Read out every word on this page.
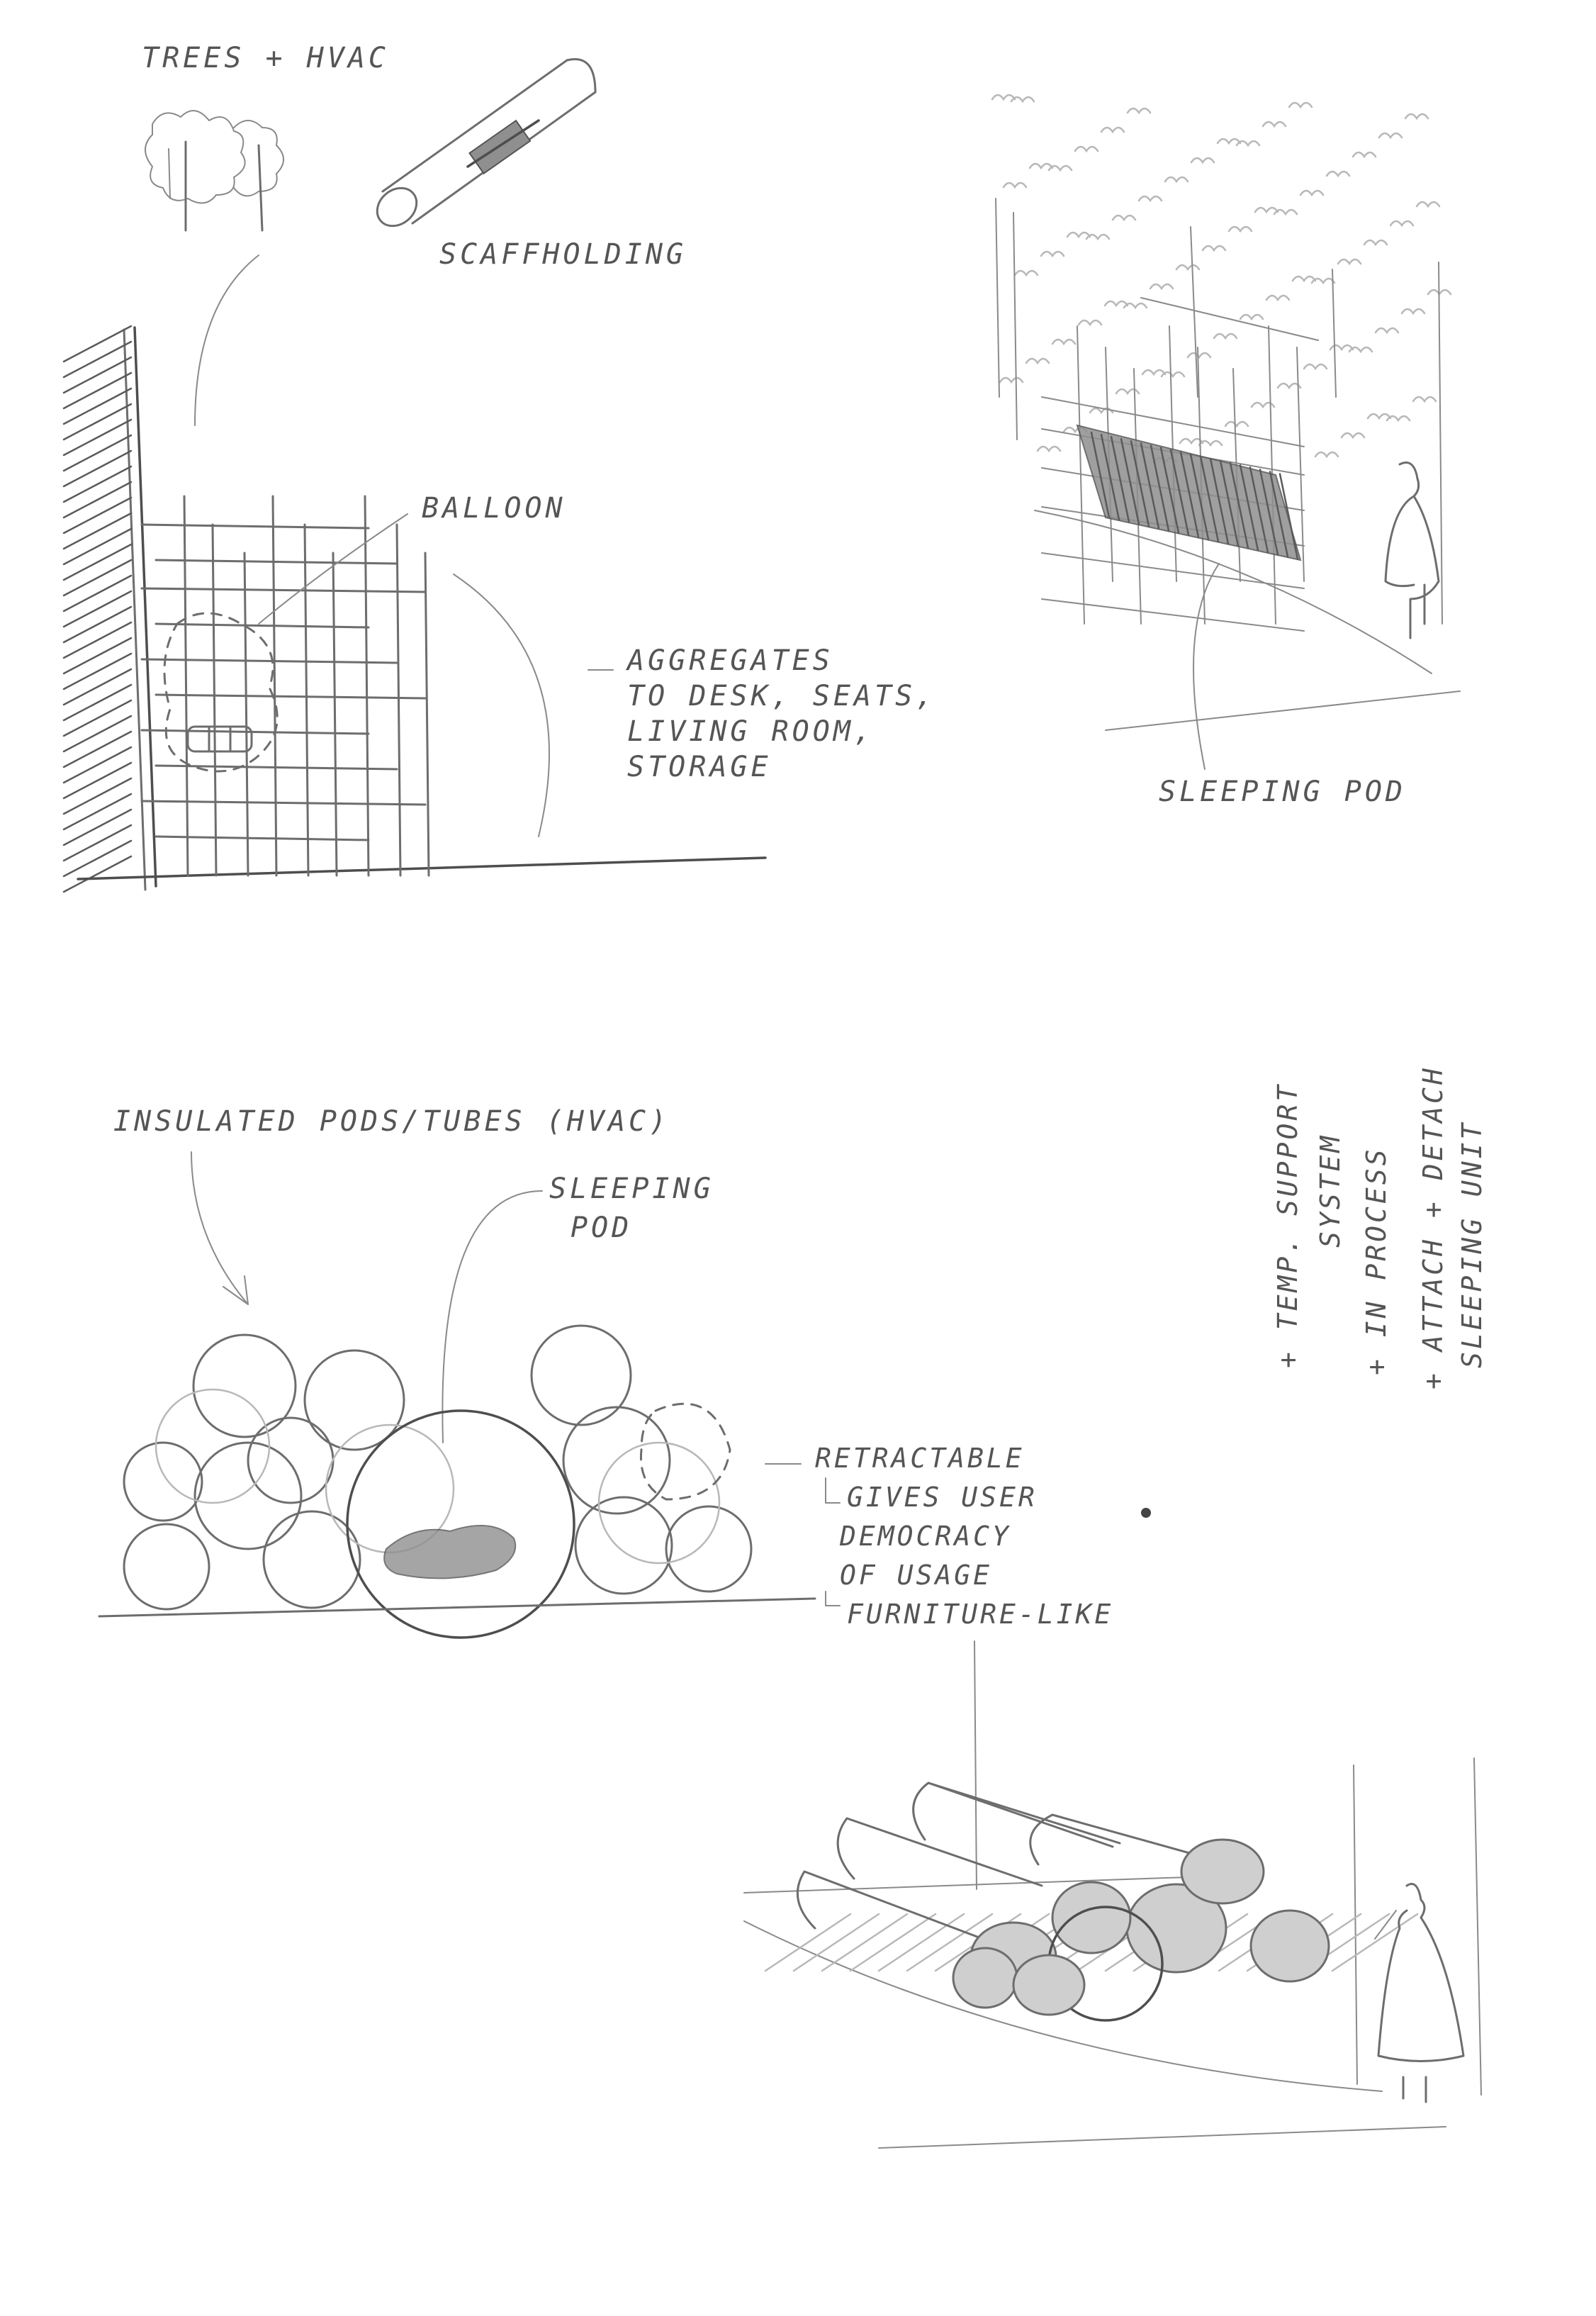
TREES + HVAC
SCAFFHOLDING
BALLOON
AGGREGATES
TO DESK, SEATS,
LIVING ROOM,
STORAGE
SLEEPING POD
INSULATED PODS/TUBES (HVAC)
SLEEPING
POD
RETRACTABLE
GIVES USER
DEMOCRACY
OF USAGE
FURNITURE-LIKE
+ TEMP. SUPPORT SYSTEM + IN PROCESS + ATTACH + DETACH SLEEPING UNIT
